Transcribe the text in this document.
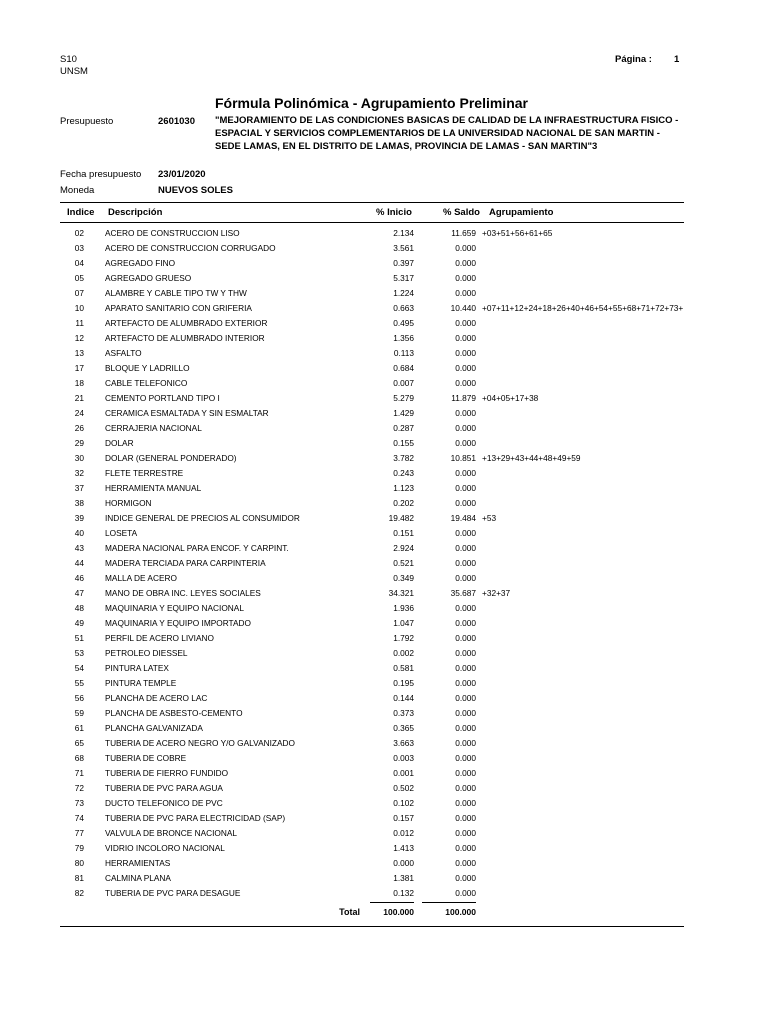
S10
UNSM
Página : 1
Fórmula Polinómica - Agrupamiento Preliminar
Presupuesto	2601030 "MEJORAMIENTO DE LAS CONDICIONES BASICAS DE CALIDAD DE LA INFRAESTRUCTURA FISICO - ESPACIAL Y SERVICIOS COMPLEMENTARIOS DE LA UNIVERSIDAD NACIONAL DE SAN MARTIN - SEDE LAMAS, EN EL DISTRITO DE LAMAS, PROVINCIA DE LAMAS - SAN MARTIN"3
Fecha presupuesto 23/01/2020
Moneda	NUEVOS SOLES
Indice Descripción	% Inicio	% Saldo Agrupamiento
02	ACERO DE CONSTRUCCION LISO	2.134	11.659 +03+51+56+61+65
03	ACERO DE CONSTRUCCION CORRUGADO	3.561	0.000
04	AGREGADO FINO	0.397	0.000
05	AGREGADO GRUESO	5.317	0.000
07	ALAMBRE Y CABLE TIPO TW Y THW	1.224	0.000
10	APARATO SANITARIO CON GRIFERIA	0.663	10.440 +07+11+12+24+18+26+40+46+54+55+68+71+72+73+
11	ARTEFACTO DE ALUMBRADO EXTERIOR	0.495	0.000
12	ARTEFACTO DE ALUMBRADO INTERIOR	1.356	0.000
13	ASFALTO	0.113	0.000
17	BLOQUE Y LADRILLO	0.684	0.000
18	CABLE TELEFONICO	0.007	0.000
21	CEMENTO PORTLAND TIPO I	5.279	11.879 +04+05+17+38
24	CERAMICA ESMALTADA Y SIN ESMALTAR	1.429	0.000
26	CERRAJERIA NACIONAL	0.287	0.000
29	DOLAR	0.155	0.000
30	DOLAR (GENERAL PONDERADO)	3.782	10.851 +13+29+43+44+48+49+59
32	FLETE TERRESTRE	0.243	0.000
37	HERRAMIENTA MANUAL	1.123	0.000
38	HORMIGON	0.202	0.000
39	INDICE GENERAL DE PRECIOS AL CONSUMIDOR	19.482	19.484 +53
40	LOSETA	0.151	0.000
43	MADERA NACIONAL PARA ENCOF. Y CARPINT.	2.924	0.000
44	MADERA TERCIADA PARA CARPINTERIA	0.521	0.000
46	MALLA DE ACERO	0.349	0.000
47	MANO DE OBRA INC. LEYES SOCIALES	34.321	35.687 +32+37
48	MAQUINARIA Y EQUIPO NACIONAL	1.936	0.000
49	MAQUINARIA Y EQUIPO IMPORTADO	1.047	0.000
51	PERFIL DE ACERO LIVIANO	1.792	0.000
53	PETROLEO DIESSEL	0.002	0.000
54	PINTURA LATEX	0.581	0.000
55	PINTURA TEMPLE	0.195	0.000
56	PLANCHA DE ACERO LAC	0.144	0.000
59	PLANCHA DE ASBESTO-CEMENTO	0.373	0.000
61	PLANCHA GALVANIZADA	0.365	0.000
65	TUBERIA DE ACERO NEGRO Y/O GALVANIZADO	3.663	0.000
68	TUBERIA DE COBRE	0.003	0.000
71	TUBERIA DE FIERRO FUNDIDO	0.001	0.000
72	TUBERIA DE PVC PARA AGUA	0.502	0.000
73	DUCTO TELEFONICO DE PVC	0.102	0.000
74	TUBERIA DE PVC PARA ELECTRICIDAD (SAP)	0.157	0.000
77	VALVULA DE BRONCE NACIONAL	0.012	0.000
79	VIDRIO INCOLORO NACIONAL	1.413	0.000
80	HERRAMIENTAS	0.000	0.000
81	CALMINA PLANA	1.381	0.000
82	TUBERIA DE PVC PARA DESAGUE	0.132	0.000
Total	100.000	100.000
